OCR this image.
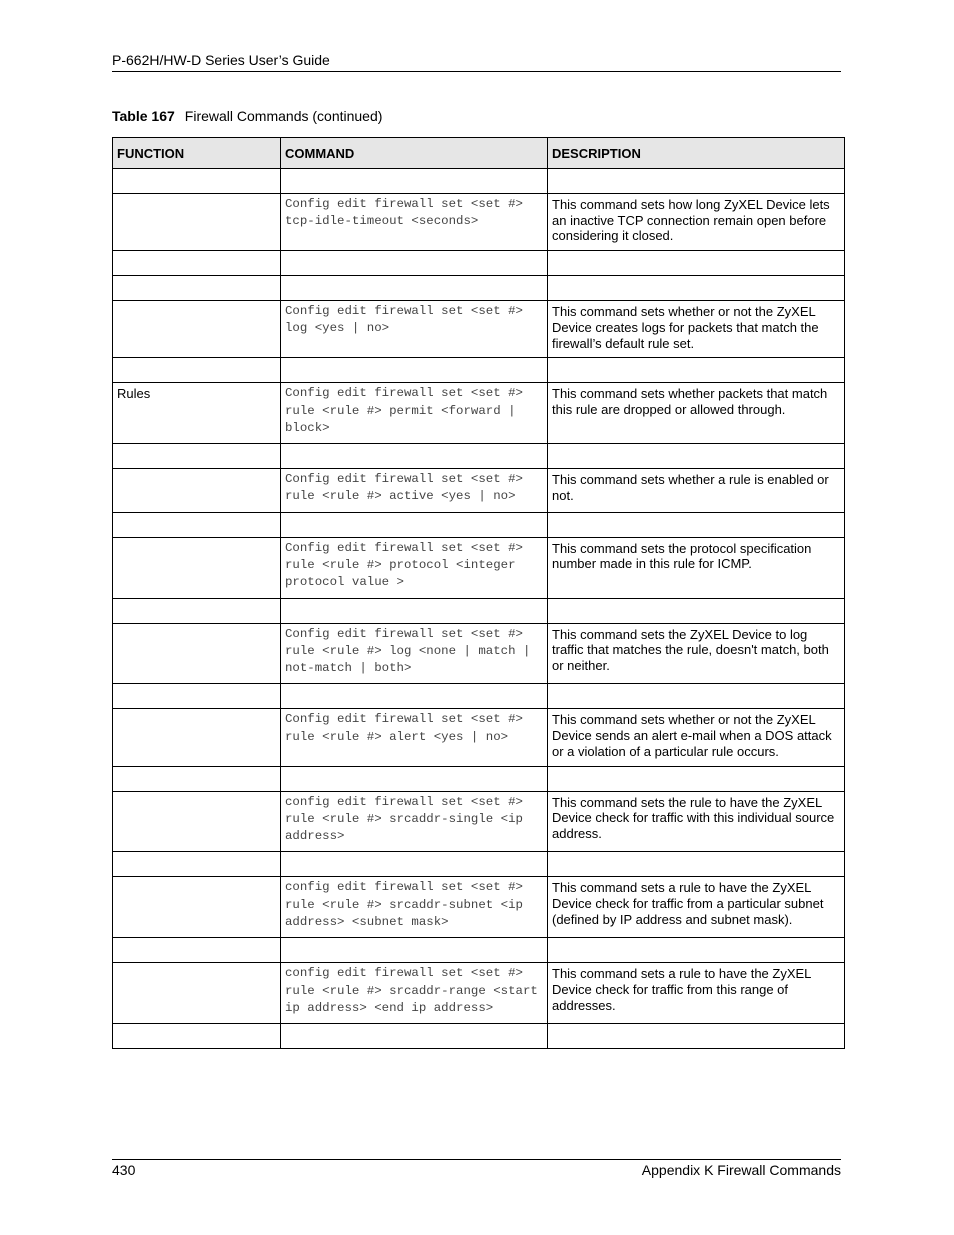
P-662H/HW-D Series User’s Guide
Table 167 Firewall Commands (continued)
FUNCTION	COMMAND	DESCRIPTION

	Config edit firewall set <set #> tcp-idle-timeout <seconds>	This command sets how long ZyXEL Device lets an inactive TCP connection remain open before considering it closed.

	Config edit firewall set <set #> log <yes | no>	This command sets whether or not the ZyXEL Device creates logs for packets that match the firewall’s default rule set.

Rules	Config edit firewall set <set #> rule <rule #> permit <forward | block>	This command sets whether packets that match this rule are dropped or allowed through.

	Config edit firewall set <set #> rule <rule #> active <yes | no>	This command sets whether a rule is enabled or not.

	Config edit firewall set <set #> rule <rule #> protocol <integer protocol value >	This command sets the protocol specification number made in this rule for ICMP.

	Config edit firewall set <set #> rule <rule #> log <none | match | not-match | both>	This command sets the ZyXEL Device to log traffic that matches the rule, doesn't match, both or neither.

	Config edit firewall set <set #> rule <rule #> alert <yes | no>	This command sets whether or not the ZyXEL Device sends an alert e-mail when a DOS attack or a violation of a particular rule occurs.

	config edit firewall set <set #> rule <rule #> srcaddr-single <ip address>	This command sets the rule to have the ZyXEL Device check for traffic with this individual source address.

	config edit firewall set <set #> rule <rule #> srcaddr-subnet <ip address> <subnet mask>	This command sets a rule to have the ZyXEL Device check for traffic from a particular subnet (defined by IP address and subnet mask).

	config edit firewall set <set #> rule <rule #> srcaddr-range <start ip address> <end ip address>	This command sets a rule to have the ZyXEL Device check for traffic from this range of addresses.

430	Appendix K Firewall Commands
